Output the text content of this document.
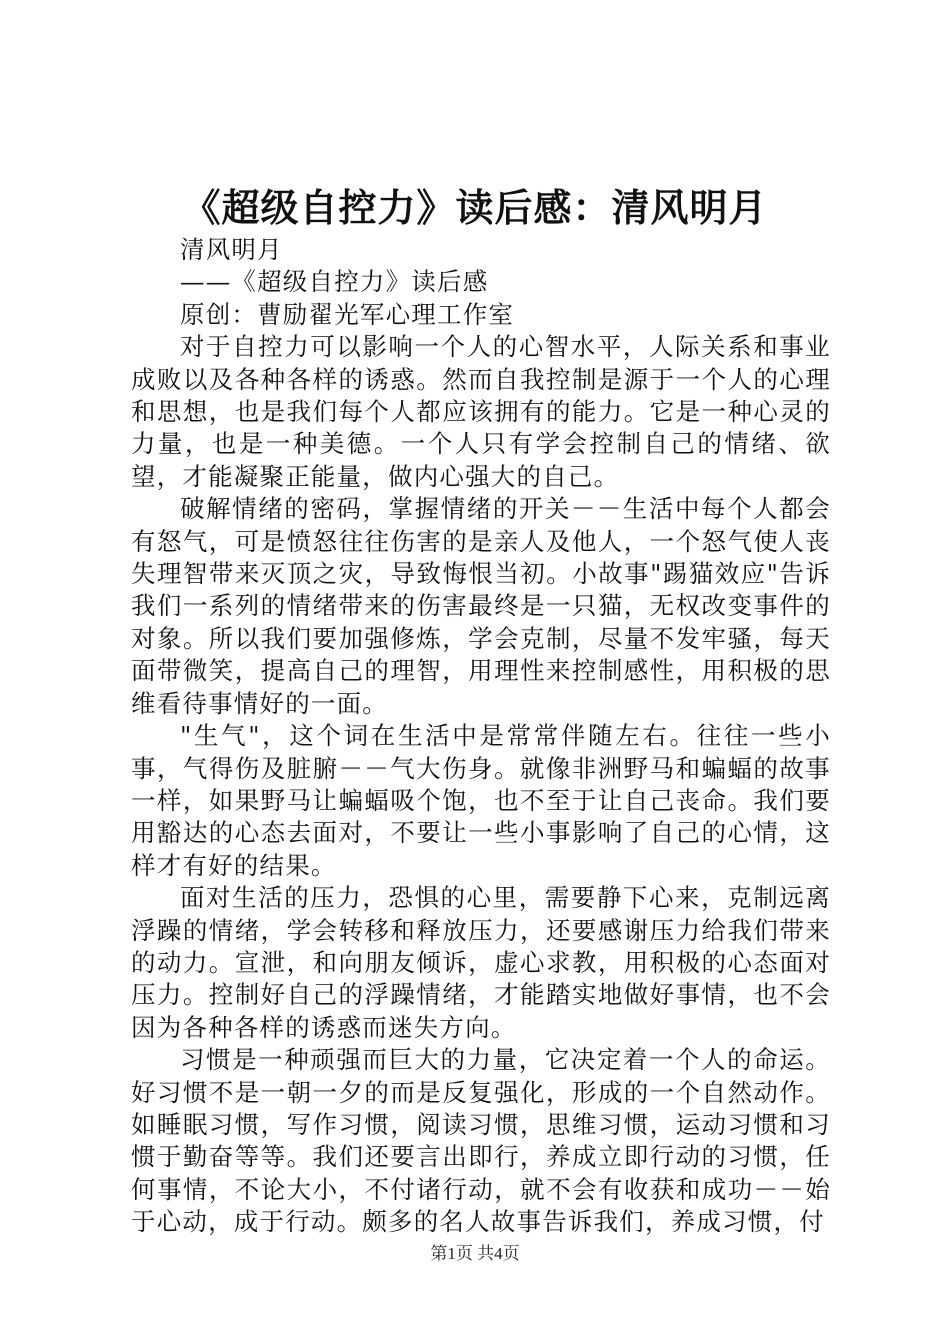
《超级自控力》读后感：清风明月

清风明月

——《超级自控力》读后感

原创：曹励翟光军心理工作室

对于自控力可以影响一个人的心智水平，人际关系和事业成败以及各种各样的诱惑。然而自我控制是源于一个人的心理和思想，也是我们每个人都应该拥有的能力。它是一种心灵的力量，也是一种美德。一个人只有学会控制自己的情绪、欲望，才能凝聚正能量，做内心强大的自己。

破解情绪的密码，掌握情绪的开关－－生活中每个人都会有怒气，可是愤怒往往伤害的是亲人及他人，一个怒气使人丧失理智带来灭顶之灾，导致悔恨当初。小故事"踢猫效应"告诉我们一系列的情绪带来的伤害最终是一只猫，无权改变事件的对象。所以我们要加强修炼，学会克制，尽量不发牢骚，每天面带微笑，提高自己的理智，用理性来控制感性，用积极的思维看待事情好的一面。

"生气"，这个词在生活中是常常伴随左右。往往一些小事，气得伤及脏腑－－气大伤身。就像非洲野马和蝙蝠的故事一样，如果野马让蝙蝠吸个饱，也不至于让自己丧命。我们要用豁达的心态去面对，不要让一些小事影响了自己的心情，这样才有好的结果。

面对生活的压力，恐惧的心里，需要静下心来，克制远离浮躁的情绪，学会转移和释放压力，还要感谢压力给我们带来的动力。宣泄，和向朋友倾诉，虚心求教，用积极的心态面对压力。控制好自己的浮躁情绪，才能踏实地做好事情，也不会因为各种各样的诱惑而迷失方向。

习惯是一种顽强而巨大的力量，它决定着一个人的命运。好习惯不是一朝一夕的而是反复强化，形成的一个自然动作。如睡眠习惯，写作习惯，阅读习惯，思维习惯，运动习惯和习惯于勤奋等等。我们还要言出即行，养成立即行动的习惯，任何事情，不论大小，不付诸行动，就不会有收获和成功－－始于心动，成于行动。颇多的名人故事告诉我们，养成习惯，付

第1页 共4页
